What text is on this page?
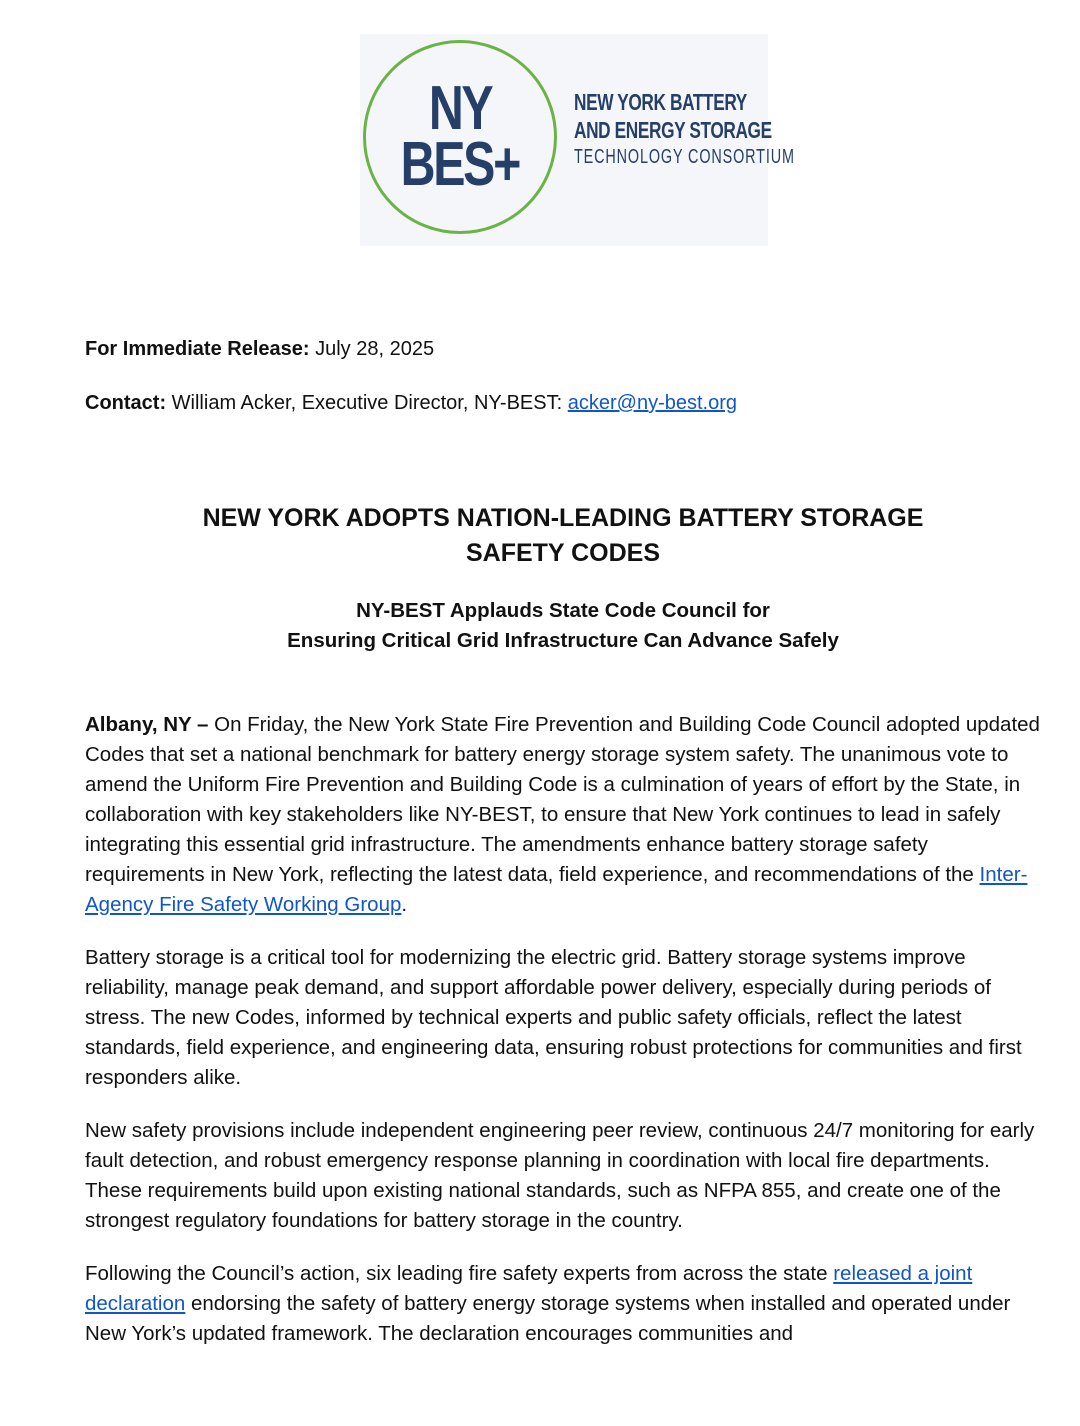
NY
BES+
NEW YORK BATTERY
AND ENERGY STORAGE
TECHNOLOGY CONSORTIUM
For Immediate Release: July 28, 2025
Contact: William Acker, Executive Director, NY-BEST: acker@ny-best.org
NEW YORK ADOPTS NATION-LEADING BATTERY STORAGE
SAFETY CODES
NY-BEST Applauds State Code Council for
Ensuring Critical Grid Infrastructure Can Advance Safely
Albany, NY – On Friday, the New York State Fire Prevention and Building Code Council adopted updated Codes that set a national benchmark for battery energy storage system safety. The unanimous vote to amend the Uniform Fire Prevention and Building Code is a culmination of years of effort by the State, in collaboration with key stakeholders like NY-BEST, to ensure that New York continues to lead in safely integrating this essential grid infrastructure. The amendments enhance battery storage safety requirements in New York, reflecting the latest data, field experience, and recommendations of the Inter-Agency Fire Safety Working Group.
Battery storage is a critical tool for modernizing the electric grid. Battery storage systems improve reliability, manage peak demand, and support affordable power delivery, especially during periods of stress. The new Codes, informed by technical experts and public safety officials, reflect the latest standards, field experience, and engineering data, ensuring robust protections for communities and first responders alike.
New safety provisions include independent engineering peer review, continuous 24/7 monitoring for early fault detection, and robust emergency response planning in coordination with local fire departments. These requirements build upon existing national standards, such as NFPA 855, and create one of the strongest regulatory foundations for battery storage in the country.
Following the Council’s action, six leading fire safety experts from across the state released a joint declaration endorsing the safety of battery energy storage systems when installed and operated under New York’s updated framework. The declaration encourages communities and
